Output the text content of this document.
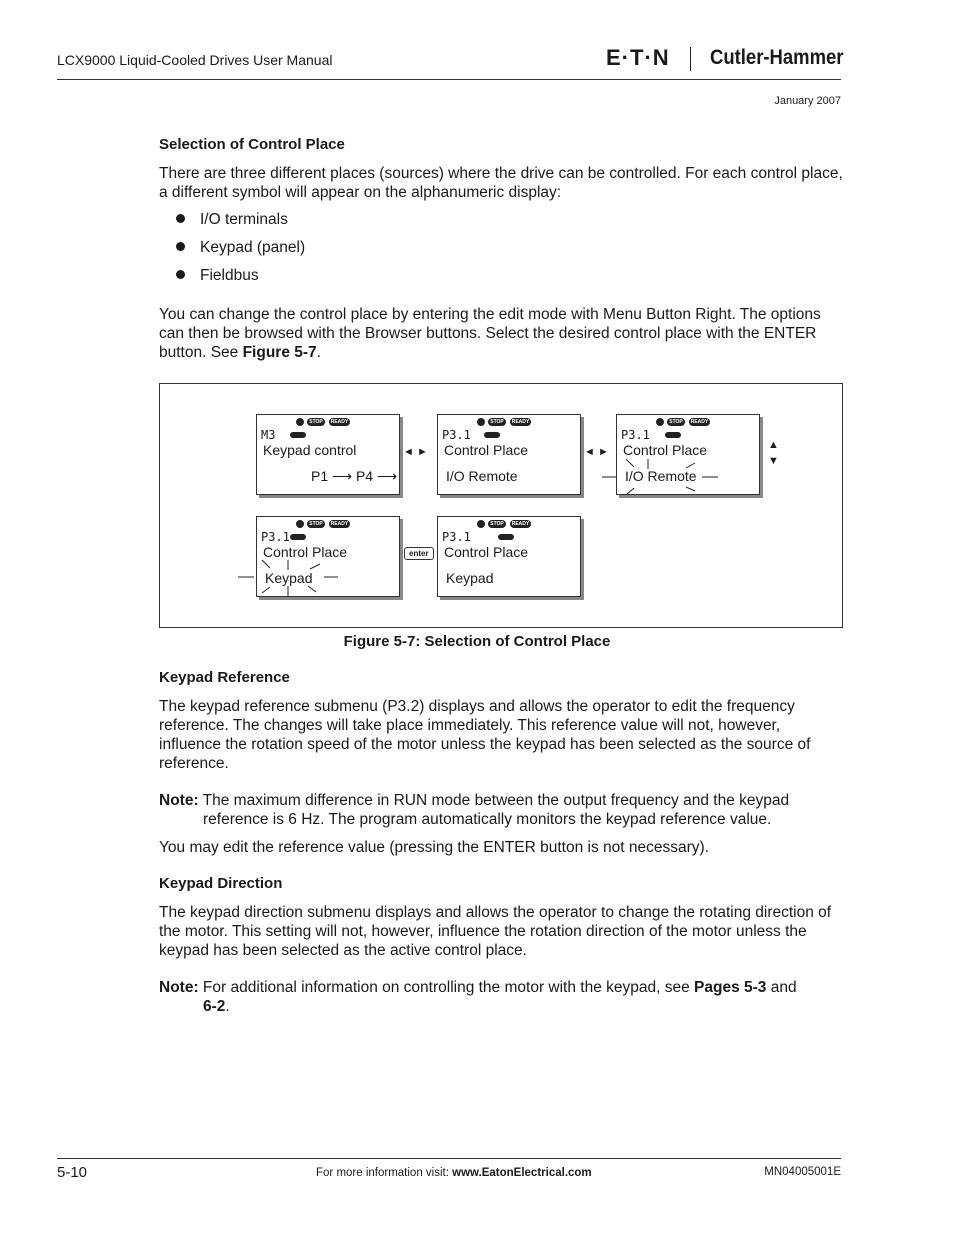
LCX9000 Liquid-Cooled Drives User Manual	E·T·N Cutler-Hammer
January 2007
Selection of Control Place

There are three different places (sources) where the drive can be controlled. For each control place, a different symbol will appear on the alphanumeric display:

I/O terminals
Keypad (panel)
Fieldbus

You can change the control place by entering the edit mode with Menu Button Right. The options can then be browsed with the Browser buttons. Select the desired control place with the ENTER button. See Figure 5-7.

STOP	READY
M3
Keypad control
P1 ⟶ P4 ⟶
◄ ►
STOP	READY
P3.1
Control Place
I/O Remote
◄ ►
STOP	READY
P3.1
Control Place
I/O Remote
▲
▼
STOP	READY
P3.1
Control Place
Keypad
enter
STOP	READY
P3.1
Control Place
Keypad

Figure 5-7: Selection of Control Place

Keypad Reference

The keypad reference submenu (P3.2) displays and allows the operator to edit the frequency reference. The changes will take place immediately. This reference value will not, however, influence the rotation speed of the motor unless the keypad has been selected as the source of reference.

Note: The maximum difference in RUN mode between the output frequency and the keypad
reference is 6 Hz. The program automatically monitors the keypad reference value.

You may edit the reference value (pressing the ENTER button is not necessary).

Keypad Direction

The keypad direction submenu displays and allows the operator to change the rotating direction of the motor. This setting will not, however, influence the rotation direction of the motor unless the keypad has been selected as the active control place.

Note: For additional information on controlling the motor with the keypad, see Pages 5-3 and
6-2.

5-10	For more information visit: www.EatonElectrical.com	MN04005001E
